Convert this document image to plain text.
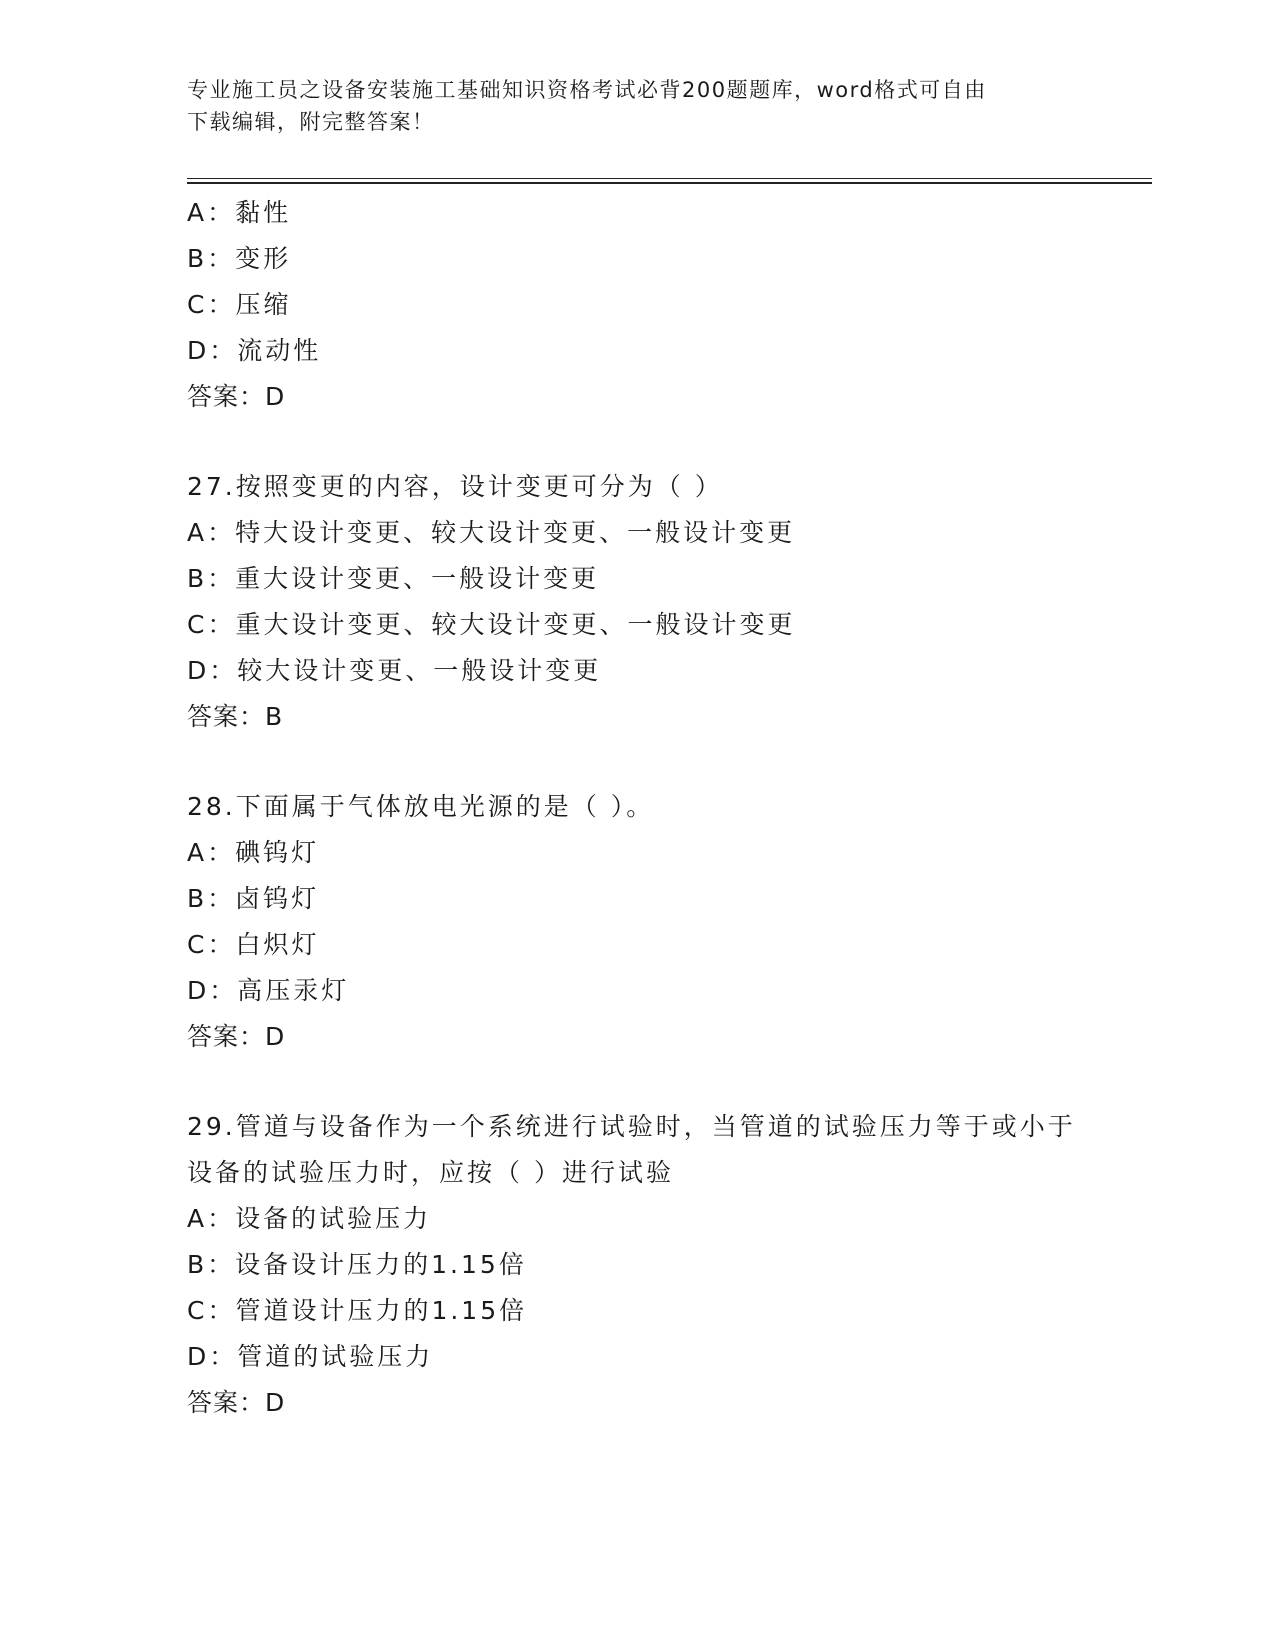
专业施工员之设备安装施工基础知识资格考试必背200题题库，word格式可自由
下载编辑，附完整答案！
A：黏性
B：变形
C：压缩
D：流动性
答案：D
27.按照变更的内容，设计变更可分为（ ）
A：特大设计变更、较大设计变更、一般设计变更
B：重大设计变更、一般设计变更
C：重大设计变更、较大设计变更、一般设计变更
D：较大设计变更、一般设计变更
答案：B
28.下面属于气体放电光源的是（ ）。
A：碘钨灯
B：卤钨灯
C：白炽灯
D：高压汞灯
答案：D
29.管道与设备作为一个系统进行试验时，当管道的试验压力等于或小于设备的试验压力时，应按（ ）进行试验
A：设备的试验压力
B：设备设计压力的1.15倍
C：管道设计压力的1.15倍
D：管道的试验压力
答案：D
